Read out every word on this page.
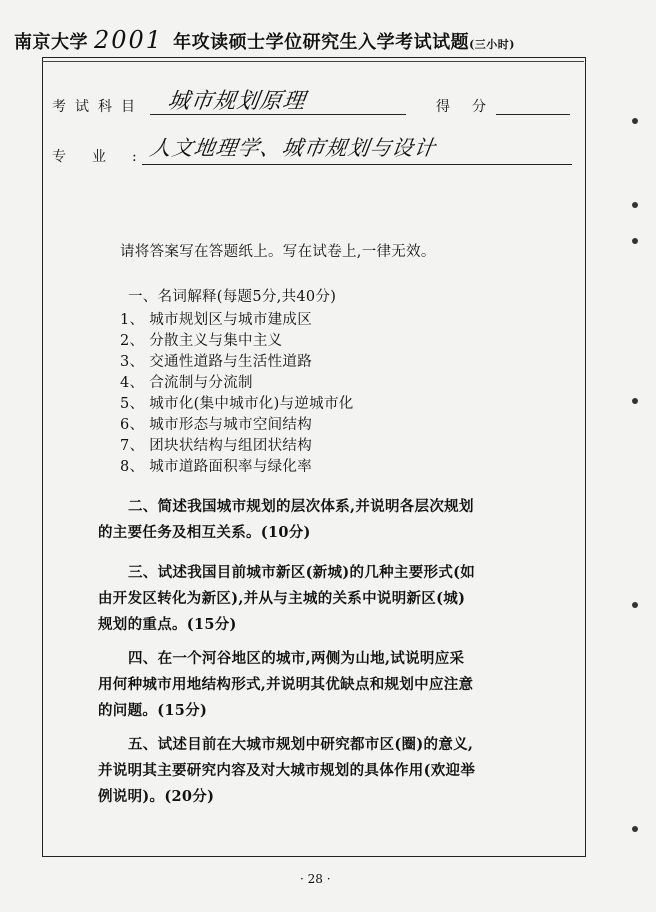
南京大学 2001 年攻读硕士学位研究生入学考试试题(三小时)
考试科目 城市规划原理	得分
专业:
人文地理学、城市规划与设计
请将答案写在答题纸上。写在试卷上,一律无效。
一、名词解释(每题5分,共40分)
1、 城市规划区与城市建成区
2、 分散主义与集中主义
3、 交通性道路与生活性道路
4、 合流制与分流制
5、 城市化(集中城市化)与逆城市化
6、 城市形态与城市空间结构
7、 团块状结构与组团状结构
8、 城市道路面积率与绿化率
二、简述我国城市规划的层次体系,并说明各层次规划
的主要任务及相互关系。(10分)
三、试述我国目前城市新区(新城)的几种主要形式(如
由开发区转化为新区),并从与主城的关系中说明新区(城)
规划的重点。(15分)
四、在一个河谷地区的城市,两侧为山地,试说明应采
用何种城市用地结构形式,并说明其优缺点和规划中应注意
的问题。(15分)
五、试述目前在大城市规划中研究都市区(圈)的意义,
并说明其主要研究内容及对大城市规划的具体作用(欢迎举
例说明)。(20分)
· 28 ·
